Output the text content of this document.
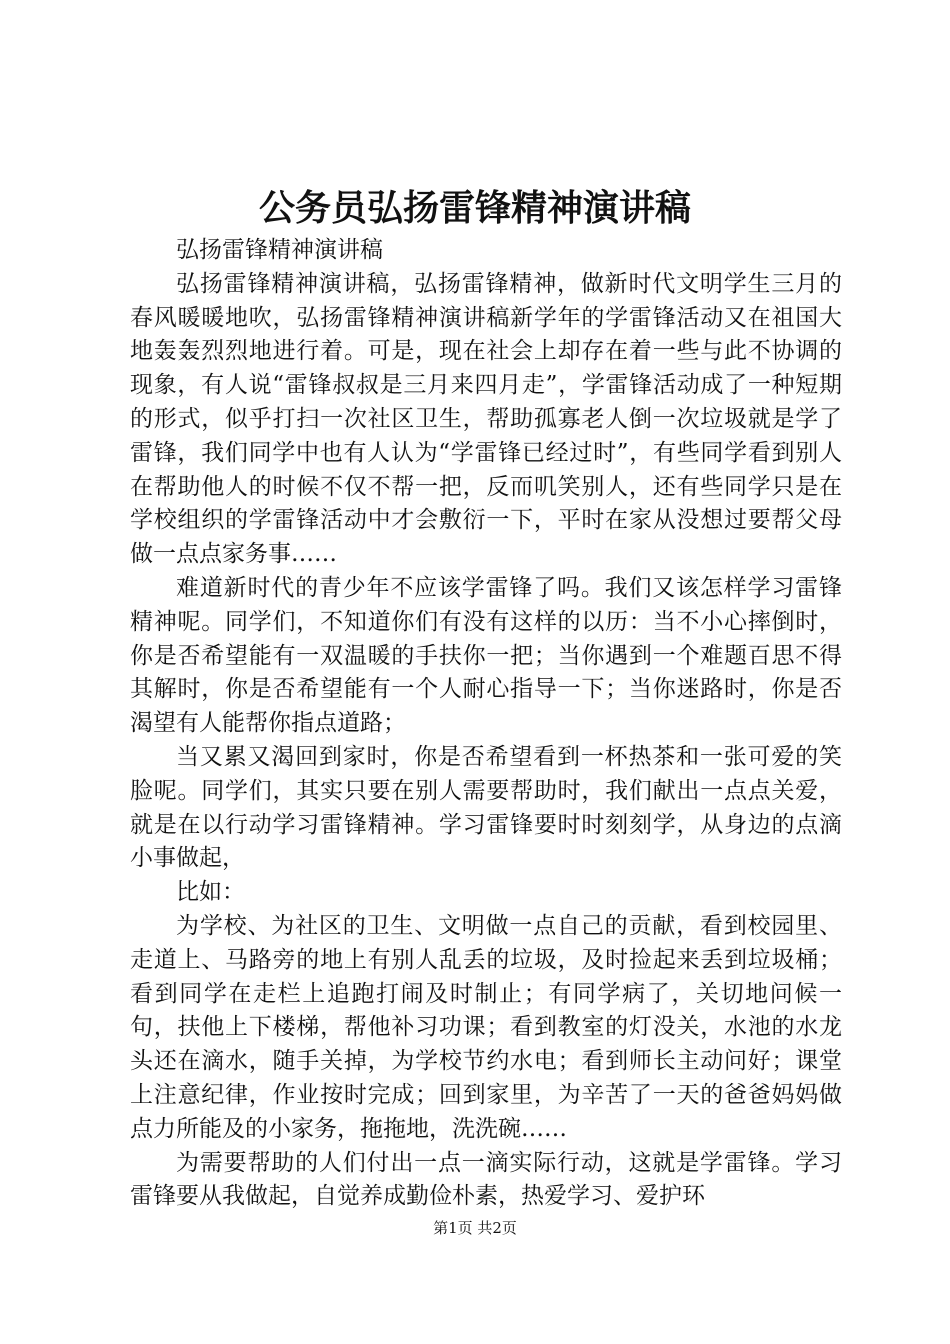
公务员弘扬雷锋精神演讲稿

弘扬雷锋精神演讲稿

弘扬雷锋精神演讲稿，弘扬雷锋精神，做新时代文明学生三月的春风暖暖地吹，弘扬雷锋精神演讲稿新学年的学雷锋活动又在祖国大地轰轰烈烈地进行着。可是，现在社会上却存在着一些与此不协调的现象，有人说“雷锋叔叔是三月来四月走”，学雷锋活动成了一种短期的形式，似乎打扫一次社区卫生，帮助孤寡老人倒一次垃圾就是学了雷锋，我们同学中也有人认为“学雷锋已经过时”，有些同学看到别人在帮助他人的时候不仅不帮一把，反而叽笑别人，还有些同学只是在学校组织的学雷锋活动中才会敷衍一下，平时在家从没想过要帮父母做一点点家务事……

难道新时代的青少年不应该学雷锋了吗。我们又该怎样学习雷锋精神呢。同学们，不知道你们有没有这样的以历：当不小心摔倒时，你是否希望能有一双温暖的手扶你一把；当你遇到一个难题百思不得其解时，你是否希望能有一个人耐心指导一下；当你迷路时，你是否渴望有人能帮你指点道路；

当又累又渴回到家时，你是否希望看到一杯热茶和一张可爱的笑脸呢。同学们，其实只要在别人需要帮助时，我们献出一点点关爱，就是在以行动学习雷锋精神。学习雷锋要时时刻刻学，从身边的点滴小事做起，

比如：

为学校、为社区的卫生、文明做一点自己的贡献，看到校园里、走道上、马路旁的地上有别人乱丢的垃圾，及时捡起来丢到垃圾桶；看到同学在走栏上追跑打闹及时制止；有同学病了，关切地问候一句，扶他上下楼梯，帮他补习功课；看到教室的灯没关，水池的水龙头还在滴水，随手关掉，为学校节约水电；看到师长主动问好；课堂上注意纪律，作业按时完成；回到家里，为辛苦了一天的爸爸妈妈做点力所能及的小家务，拖拖地，洗洗碗……

为需要帮助的人们付出一点一滴实际行动，这就是学雷锋。学习雷锋要从我做起，自觉养成勤俭朴素，热爱学习、爱护环

第1页 共2页
